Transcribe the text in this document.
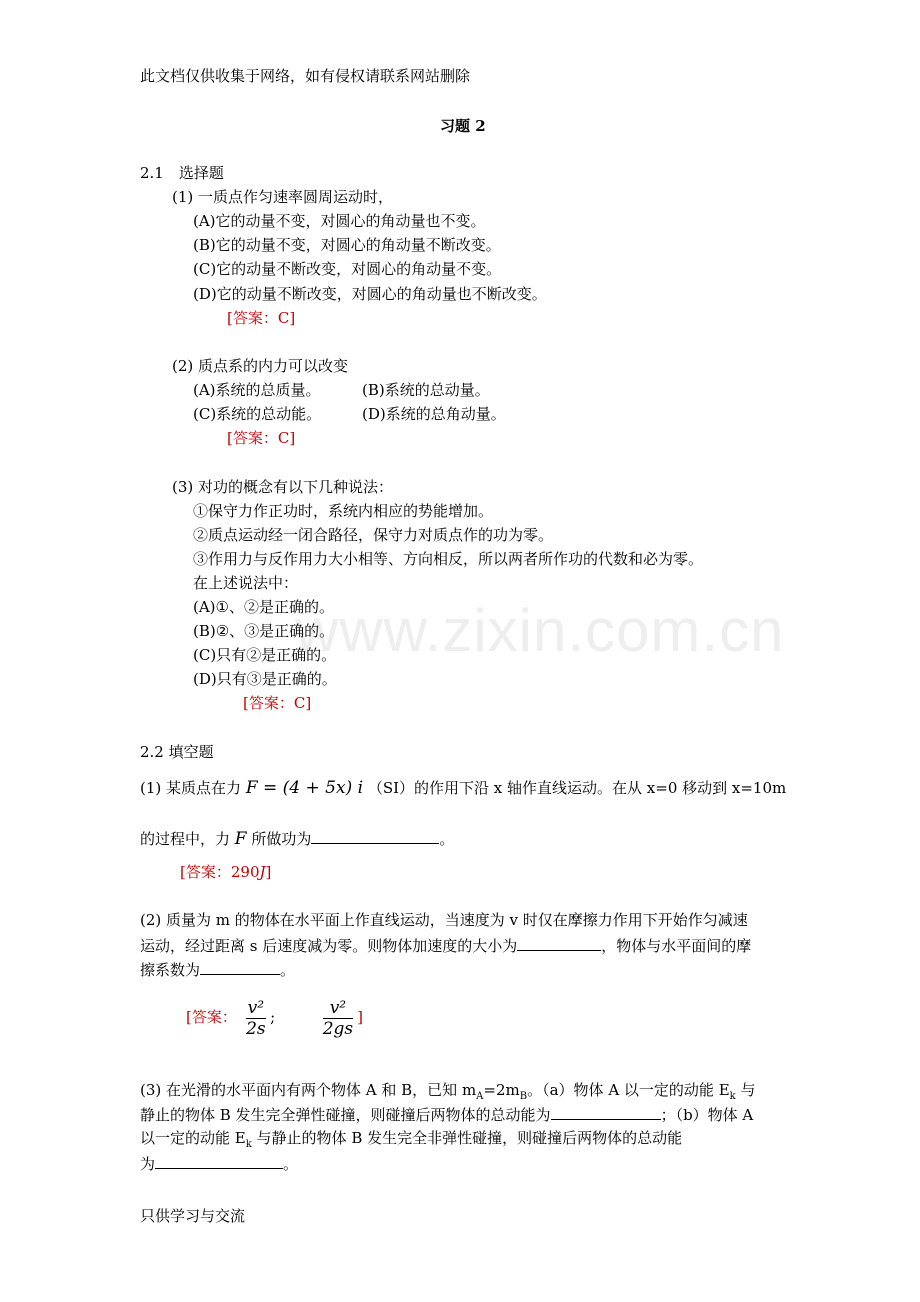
www.zixin.com.cn
此文档仅供收集于网络，如有侵权请联系网站删除
习题 2
2.1　选择题
(1) 一质点作匀速率圆周运动时，
(A)它的动量不变，对圆心的角动量也不变。
(B)它的动量不变，对圆心的角动量不断改变。
(C)它的动量不断改变，对圆心的角动量不变。
(D)它的动量不断改变，对圆心的角动量也不断改变。
[答案：C]
(2) 质点系的内力可以改变
(A)系统的总质量。	(B)系统的总动量。
(C)系统的总动能。	(D)系统的总角动量。
[答案：C]
(3) 对功的概念有以下几种说法：
①保守力作正功时，系统内相应的势能增加。
②质点运动经一闭合路径，保守力对质点作的功为零。
③作用力与反作用力大小相等、方向相反，所以两者所作功的代数和必为零。
在上述说法中：
(A)①、②是正确的。
(B)②、③是正确的。
(C)只有②是正确的。
(D)只有③是正确的。
[答案：C]
2.2 填空题
(1) 某质点在力 F = (4 + 5x) i （SI）的作用下沿 x 轴作直线运动。在从 x=0 移动到 x=10m
的过程中，力 F 所做功为	。
[答案：290J]
(2) 质量为 m 的物体在水平面上作直线运动，当速度为 v 时仅在摩擦力作用下开始作匀减速
运动，经过距离 s 后速度减为零。则物体加速度的大小为	，物体与水平面间的摩
擦系数为	。
[答案： $\frac{\text{v²}}{2s}$ ;	$\frac{\text{v²}}{2gs}$ ]
(3) 在光滑的水平面内有两个物体 A 和 B，已知 $m_A=2m_B$。（a）物体 A 以一定的动能 $E_k$ 与
静止的物体 B 发生完全弹性碰撞，则碰撞后两物体的总动能为	；（b）物体 A
以一定的动能 $E_k$ 与静止的物体 B 发生完全非弹性碰撞，则碰撞后两物体的总动能
为	。
只供学习与交流
